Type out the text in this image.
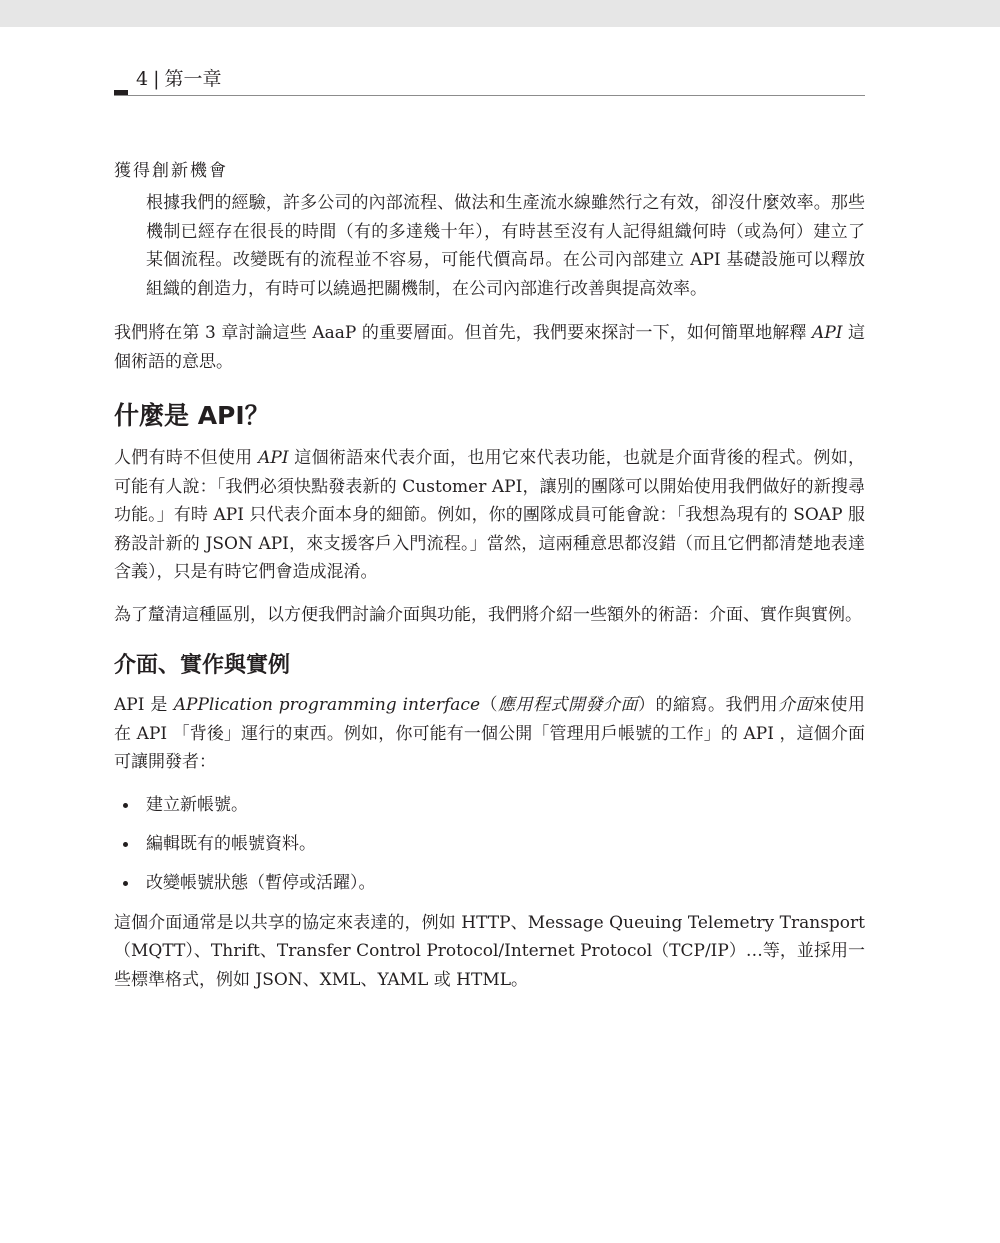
4 | 第一章
獲得創新機會

根據我們的經驗，許多公司的內部流程、做法和生產流水線雖然行之有效，卻沒什麼效率。那些機制已經存在很長的時間（有的多達幾十年），有時甚至沒有人記得組織何時（或為何）建立了某個流程。改變既有的流程並不容易，可能代價高昂。在公司內部建立 API 基礎設施可以釋放組織的創造力，有時可以繞過把關機制，在公司內部進行改善與提高效率。

我們將在第 3 章討論這些 AaaP 的重要層面。但首先，我們要來探討一下，如何簡單地解釋 API 這個術語的意思。

什麼是 API？

人們有時不但使用 API 這個術語來代表介面，也用它來代表功能，也就是介面背後的程式。例如，可能有人說：「我們必須快點發表新的 Customer API，讓別的團隊可以開始使用我們做好的新搜尋功能。」有時 API 只代表介面本身的細節。例如，你的團隊成員可能會說：「我想為現有的 SOAP 服務設計新的 JSON API，來支援客戶入門流程。」當然，這兩種意思都沒錯（而且它們都清楚地表達含義），只是有時它們會造成混淆。

為了釐清這種區別，以方便我們討論介面與功能，我們將介紹一些額外的術語：介面、實作與實例。

介面、實作與實例

API 是 APPlication programming interface（應用程式開發介面）的縮寫。我們用介面來使用在 API 「背後」運行的東西。例如，你可能有一個公開「管理用戶帳號的工作」的 API ，這個介面可讓開發者：

建立新帳號。
編輯既有的帳號資料。
改變帳號狀態（暫停或活躍）。

這個介面通常是以共享的協定來表達的，例如 HTTP、Message Queuing Telemetry Transport（MQTT）、Thrift、Transfer Control Protocol/Internet Protocol（TCP/IP）…等，並採用一些標準格式，例如 JSON、XML、YAML 或 HTML。
